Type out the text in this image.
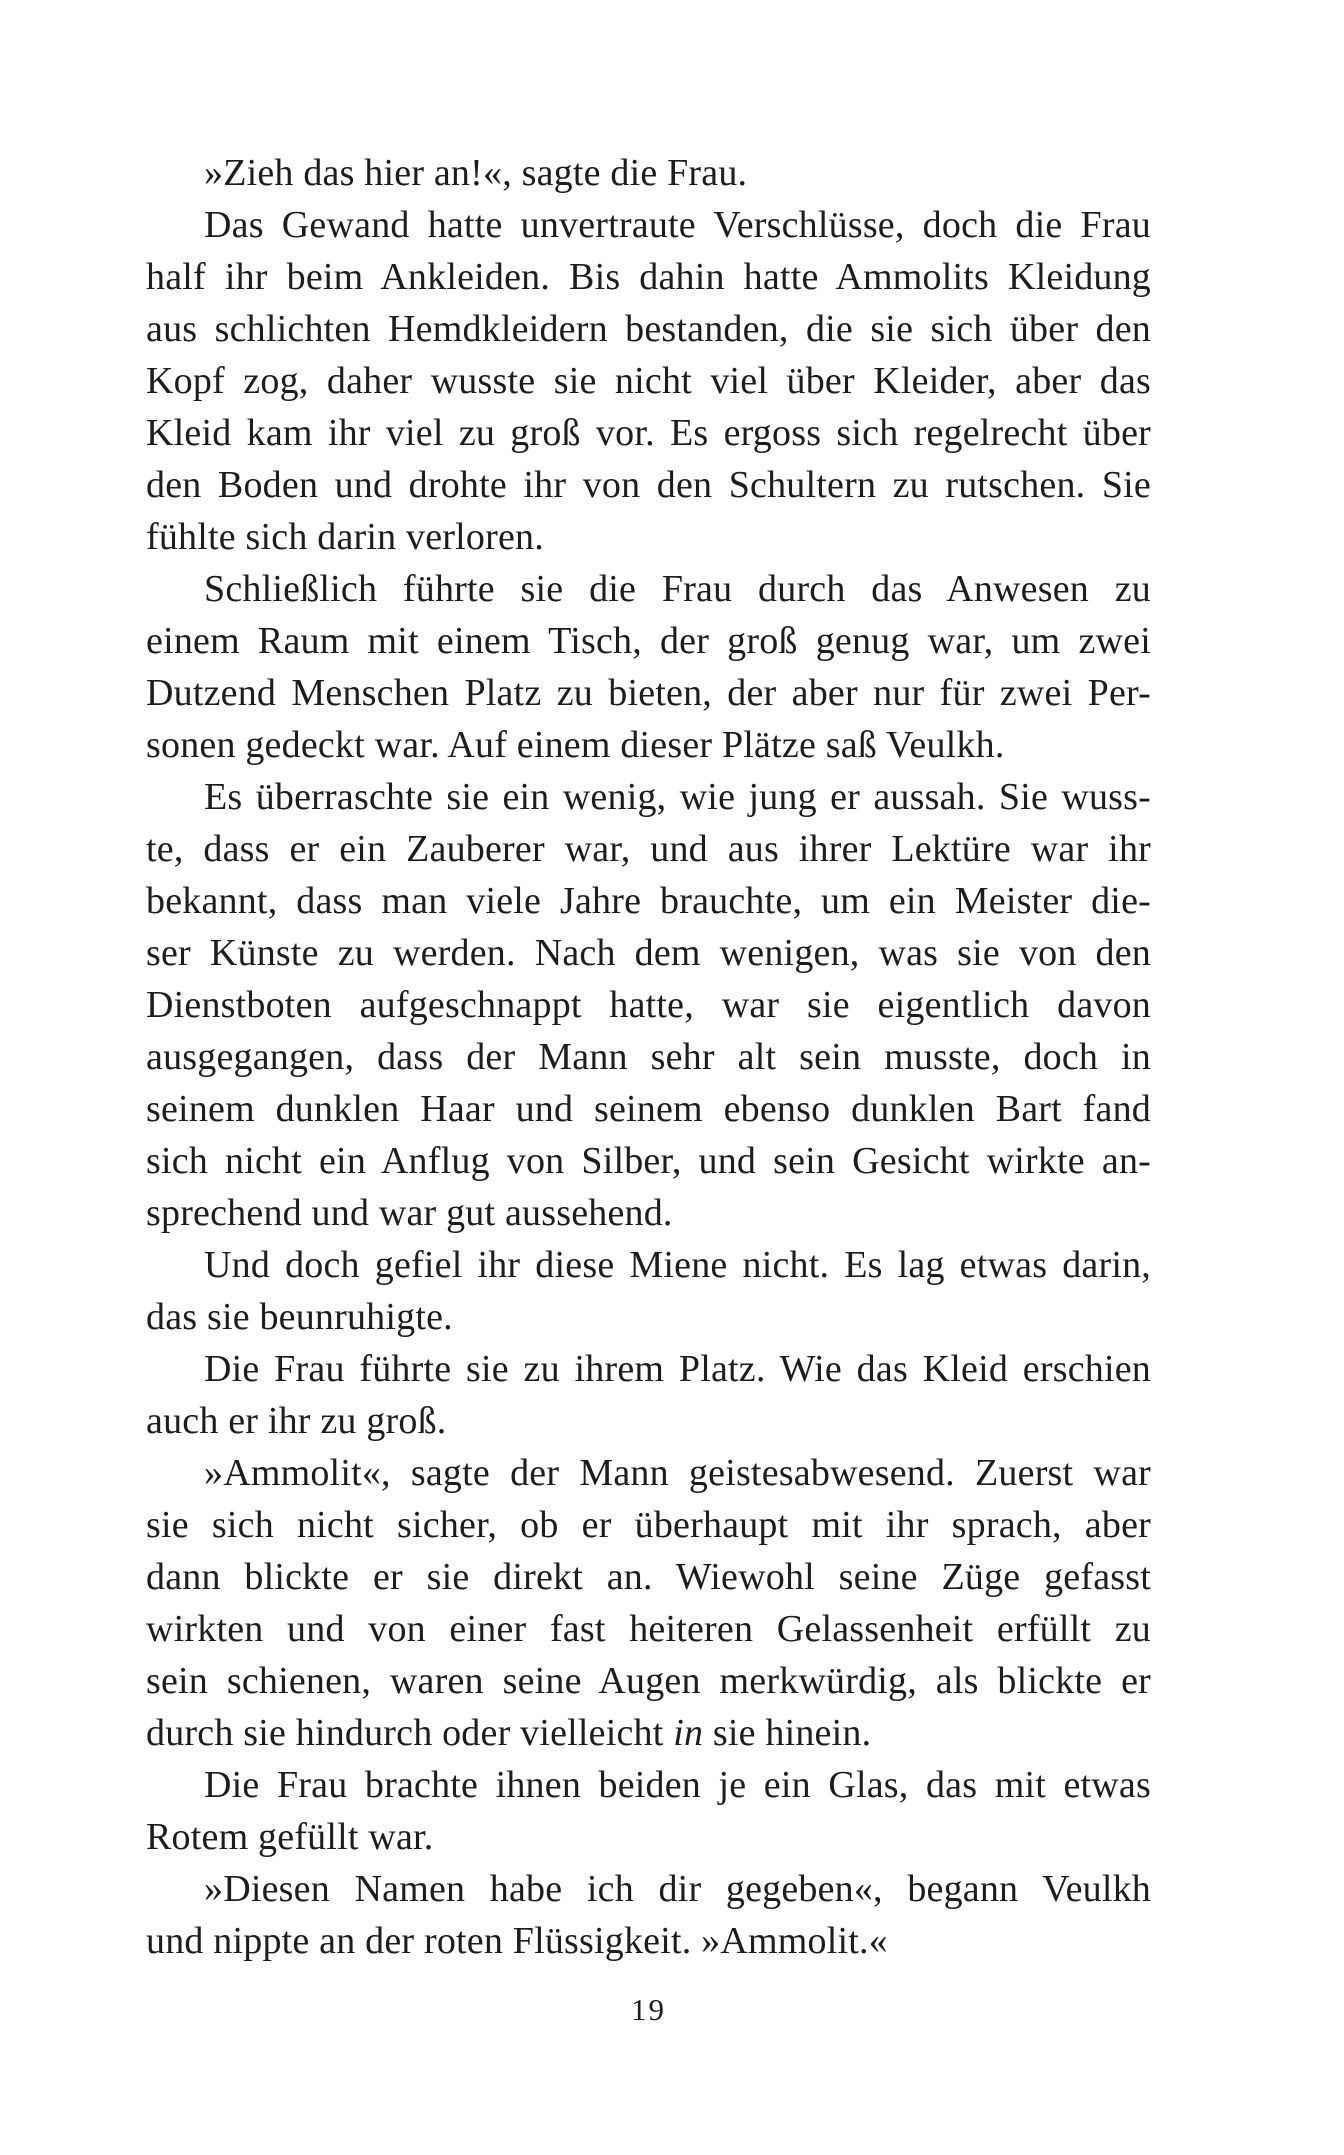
»Zieh das hier an!«, sagte die Frau.
Das Gewand hatte unvertraute Verschlüsse, doch die Frau
half ihr beim Ankleiden. Bis dahin hatte Ammolits Kleidung
aus schlichten Hemdkleidern bestanden, die sie sich über den
Kopf zog, daher wusste sie nicht viel über Kleider, aber das
Kleid kam ihr viel zu groß vor. Es ergoss sich regelrecht über
den Boden und drohte ihr von den Schultern zu rutschen. Sie
fühlte sich darin verloren.
Schließlich führte sie die Frau durch das Anwesen zu
einem Raum mit einem Tisch, der groß genug war, um zwei
Dutzend Menschen Platz zu bieten, der aber nur für zwei Per-
sonen gedeckt war. Auf einem dieser Plätze saß Veulkh.
Es überraschte sie ein wenig, wie jung er aussah. Sie wuss-
te, dass er ein Zauberer war, und aus ihrer Lektüre war ihr
bekannt, dass man viele Jahre brauchte, um ein Meister die-
ser Künste zu werden. Nach dem wenigen, was sie von den
Dienstboten aufgeschnappt hatte, war sie eigentlich davon
ausgegangen, dass der Mann sehr alt sein musste, doch in
seinem dunklen Haar und seinem ebenso dunklen Bart fand
sich nicht ein Anflug von Silber, und sein Gesicht wirkte an-
sprechend und war gut aussehend.
Und doch gefiel ihr diese Miene nicht. Es lag etwas darin,
das sie beunruhigte.
Die Frau führte sie zu ihrem Platz. Wie das Kleid erschien
auch er ihr zu groß.
»Ammolit«, sagte der Mann geistesabwesend. Zuerst war
sie sich nicht sicher, ob er überhaupt mit ihr sprach, aber
dann blickte er sie direkt an. Wiewohl seine Züge gefasst
wirkten und von einer fast heiteren Gelassenheit erfüllt zu
sein schienen, waren seine Augen merkwürdig, als blickte er
durch sie hindurch oder vielleicht in sie hinein.
Die Frau brachte ihnen beiden je ein Glas, das mit etwas
Rotem gefüllt war.
»Diesen Namen habe ich dir gegeben«, begann Veulkh
und nippte an der roten Flüssigkeit. »Ammolit.«
19
